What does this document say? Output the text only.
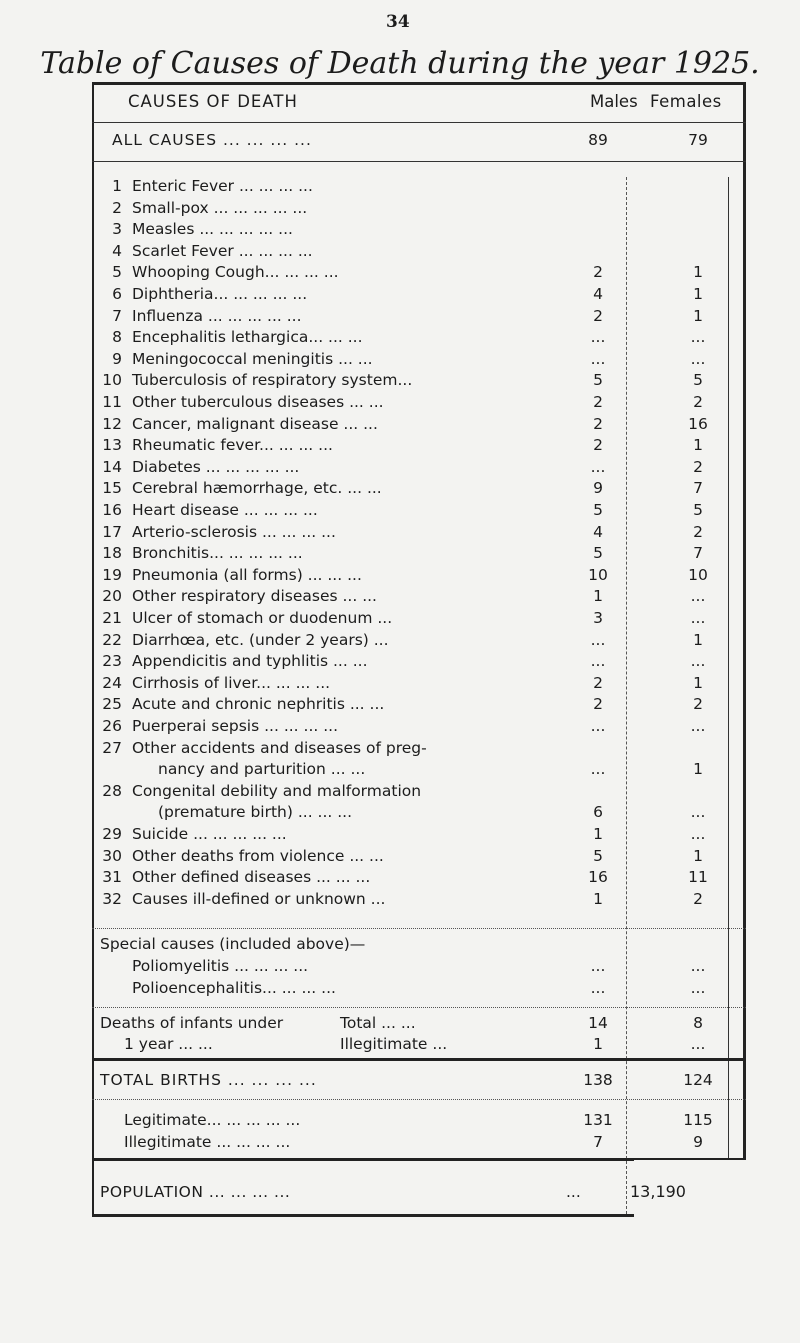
34
Table of Causes of Death during the year 1925.
CAUSES OF DEATH	Males Females
ALL CAUSES ... ... ... ...	89	79
1 Enteric Fever ... ... ... ...
2 Small-pox ... ... ... ... ...
3 Measles ... ... ... ... ...
4 Scarlet Fever ... ... ... ...
5 Whooping Cough... ... ... ...	2	1
6 Diphtheria... ... ... ... ...	4	1
7 Influenza ... ... ... ... ...	2	1
8 Encephalitis lethargica... ... ...	...	...
9 Meningococcal meningitis ... ...	...	...
10 Tuberculosis of respiratory system...	5	5
11 Other tuberculous diseases ... ...	2	2
12 Cancer, malignant disease ... ...	2	16
13 Rheumatic fever... ... ... ...	2	1
14 Diabetes ... ... ... ... ...	...	2
15 Cerebral hæmorrhage, etc. ... ...	9	7
16 Heart disease ... ... ... ...	5	5
17 Arterio-sclerosis ... ... ... ...	4	2
18 Bronchitis... ... ... ... ...	5	7
19 Pneumonia (all forms) ... ... ...	10	10
20 Other respiratory diseases ... ...	1	...
21 Ulcer of stomach or duodenum ...	3	...
22 Diarrhœa, etc. (under 2 years) ...	...	1
23 Appendicitis and typhlitis ... ...	...	...
24 Cirrhosis of liver... ... ... ...	2	1
25 Acute and chronic nephritis ... ...	2	2
26 Puerperai sepsis ... ... ... ...	...	...
27 Other accidents and diseases of preg-
nancy and parturition ... ...	...	1
28 Congenital debility and malformation
(premature birth) ... ... ...	6	...
29 Suicide ... ... ... ... ...	1	...
30 Other deaths from violence ... ...	5	1
31 Other defined diseases ... ... ...	16	11
32 Causes ill-defined or unknown ...	1	2
Special causes (included above)—
Poliomyelitis ... ... ... ...	...	...
Polioencephalitis... ... ... ...	...	...
Deaths of infants under	Total ... ...	14	8
1 year ... ...	Illegitimate ...	1	...
TOTAL BIRTHS ... ... ... ...	138	124
Legitimate... ... ... ... ...	131	115
Illegitimate ... ... ... ...	7	9
POPULATION ... ... ... ...	...	13,190
